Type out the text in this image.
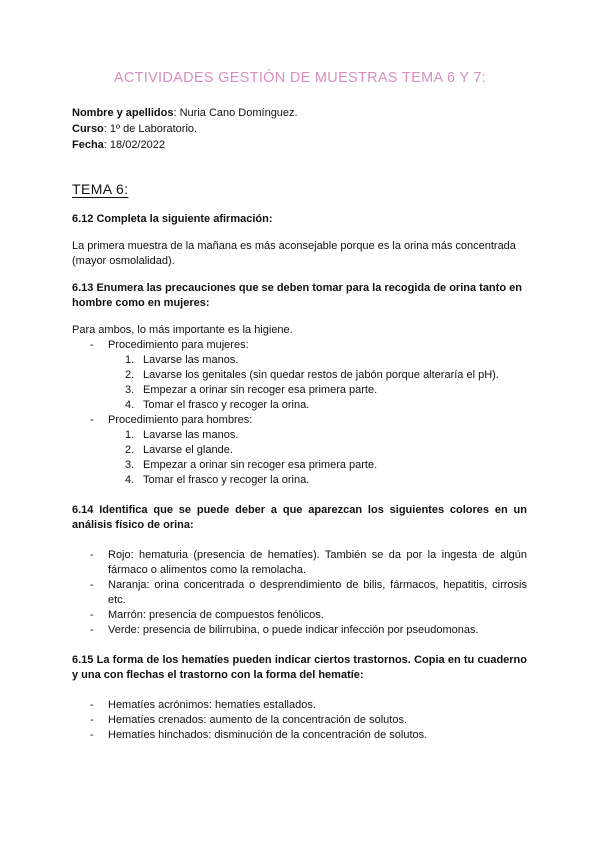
ACTIVIDADES GESTIÓN DE MUESTRAS TEMA 6 Y 7:
Nombre y apellidos: Nuria Cano Domínguez.
Curso: 1º de Laboratorio.
Fecha: 18/02/2022
TEMA 6:

6.12 Completa la siguiente afirmación:

La primera muestra de la mañana es más aconsejable porque es la orina más concentrada (mayor osmolalidad).

6.13 Enumera las precauciones que se deben tomar para la recogida de orina tanto en hombre como en mujeres:

Para ambos, lo más importante es la higiene.

- Procedimiento para mujeres:
1. Lavarse las manos.
2. Lavarse los genitales (sin quedar restos de jabón porque alteraría el pH).
3. Empezar a orinar sin recoger esa primera parte.
4. Tomar el frasco y recoger la orina.
- Procedimiento para hombres:
1. Lavarse las manos.
2. Lavarse el glande.
3. Empezar a orinar sin recoger esa primera parte.
4. Tomar el frasco y recoger la orina.

6.14 Identifica que se puede deber a que aparezcan los siguientes colores en un análisis físico de orina:

- Rojo: hematuria (presencia de hematíes). También se da por la ingesta de algún fármaco o alimentos como la remolacha.
- Naranja: orina concentrada o desprendimiento de bilis, fármacos, hepatitis, cirrosis etc.
- Marrón: presencia de compuestos fenólicos.
- Verde: presencia de bilirrubina, o puede indicar infección por pseudomonas.

6.15 La forma de los hematíes pueden indicar ciertos trastornos. Copia en tu cuaderno y una con flechas el trastorno con la forma del hematíe:

- Hematíes acrónimos: hematíes estallados.
- Hematíes crenados: aumento de la concentración de solutos.
- Hematíes hinchados: disminución de la concentración de solutos.
